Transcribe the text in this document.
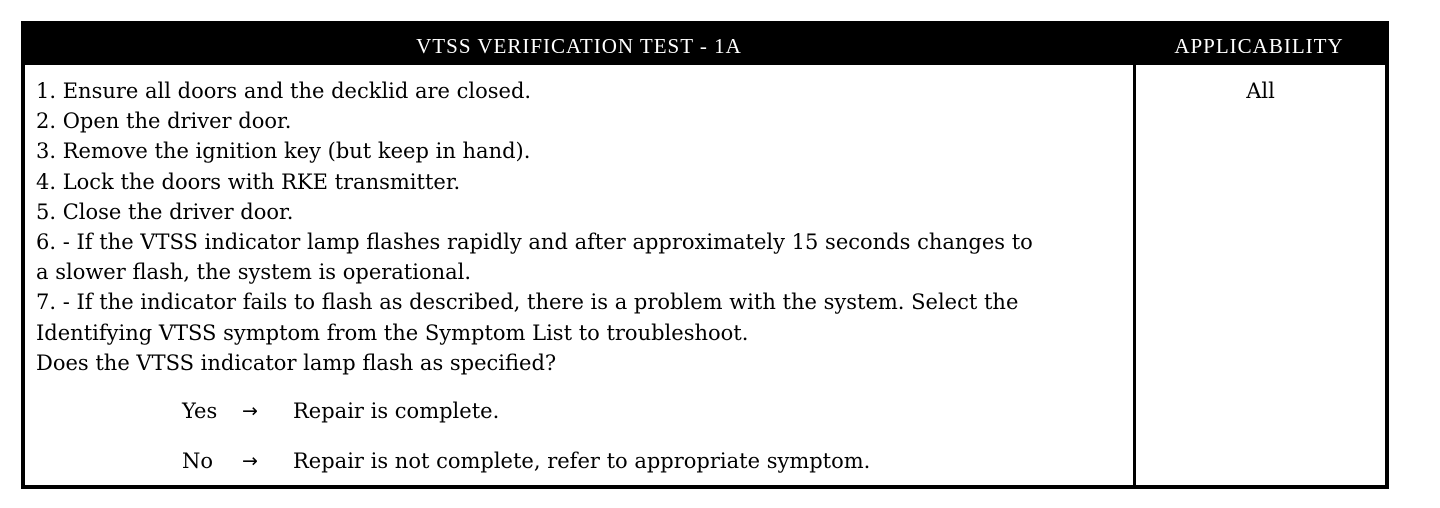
VTSS VERIFICATION TEST - 1A	APPLICABILITY
1. Ensure all doors and the decklid are closed.
2. Open the driver door.
3. Remove the ignition key (but keep in hand).
4. Lock the doors with RKE transmitter.
5. Close the driver door.
6. - If the VTSS indicator lamp flashes rapidly and after approximately 15 seconds changes to
a slower flash, the system is operational.
7. - If the indicator fails to flash as described, there is a problem with the system. Select the
Identifying VTSS symptom from the Symptom List to troubleshoot.
Does the VTSS indicator lamp flash as specified?
Yes → Repair is complete.
No → Repair is not complete, refer to appropriate symptom.
All
